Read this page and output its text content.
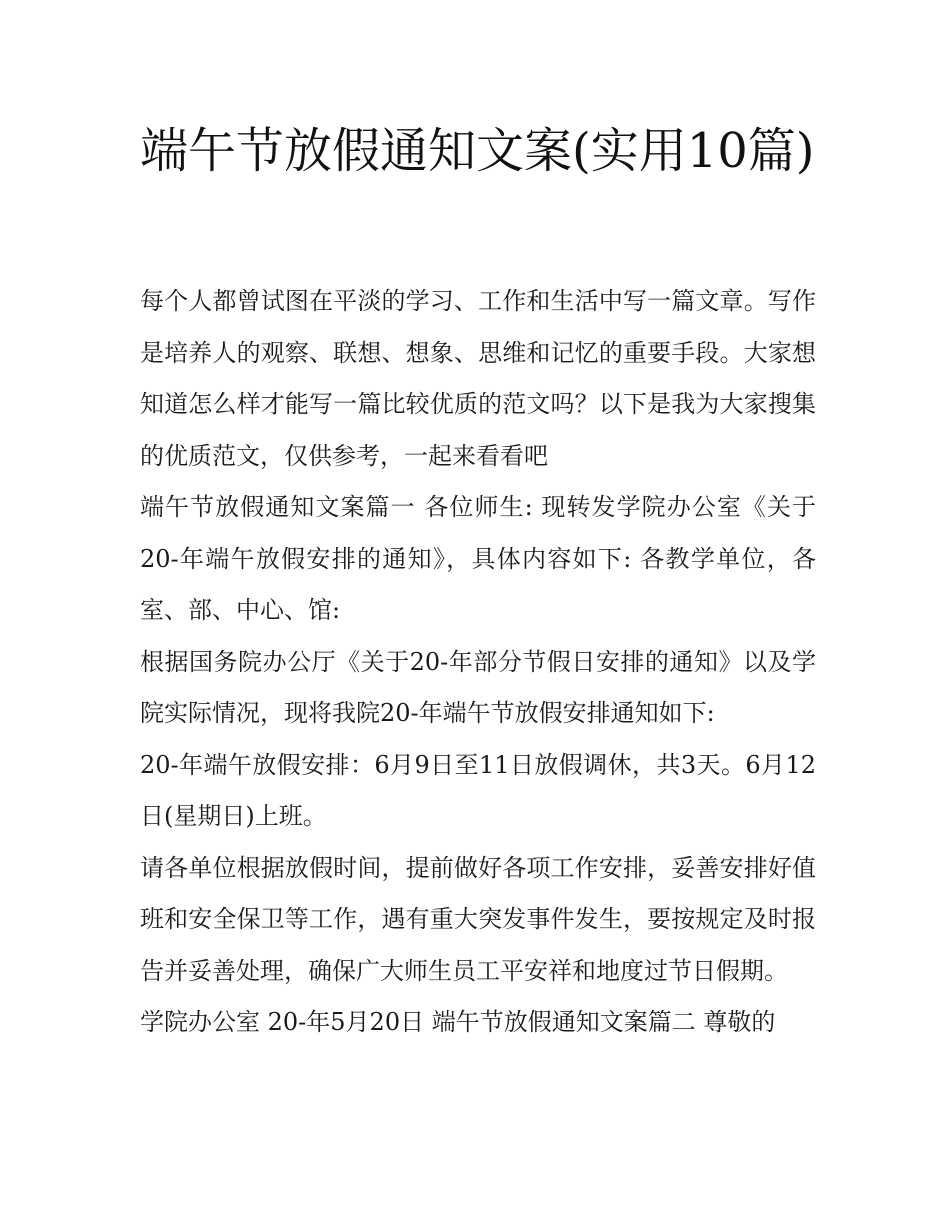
端午节放假通知文案(实用10篇)

每个人都曾试图在平淡的学习、工作和生活中写一篇文章。写作是培养人的观察、联想、想象、思维和记忆的重要手段。大家想知道怎么样才能写一篇比较优质的范文吗？以下是我为大家搜集的优质范文，仅供参考，一起来看看吧

端午节放假通知文案篇一 各位师生: 现转发学院办公室《关于20-年端午放假安排的通知》，具体内容如下: 各教学单位，各室、部、中心、馆:

根据国务院办公厅《关于20-年部分节假日安排的通知》以及学院实际情况，现将我院20-年端午节放假安排通知如下:

20-年端午放假安排：6月9日至11日放假调休，共3天。6月12日(星期日)上班。

请各单位根据放假时间，提前做好各项工作安排，妥善安排好值班和安全保卫等工作，遇有重大突发事件发生，要按规定及时报告并妥善处理，确保广大师生员工平安祥和地度过节日假期。

学院办公室 20-年5月20日 端午节放假通知文案篇二 尊敬的
